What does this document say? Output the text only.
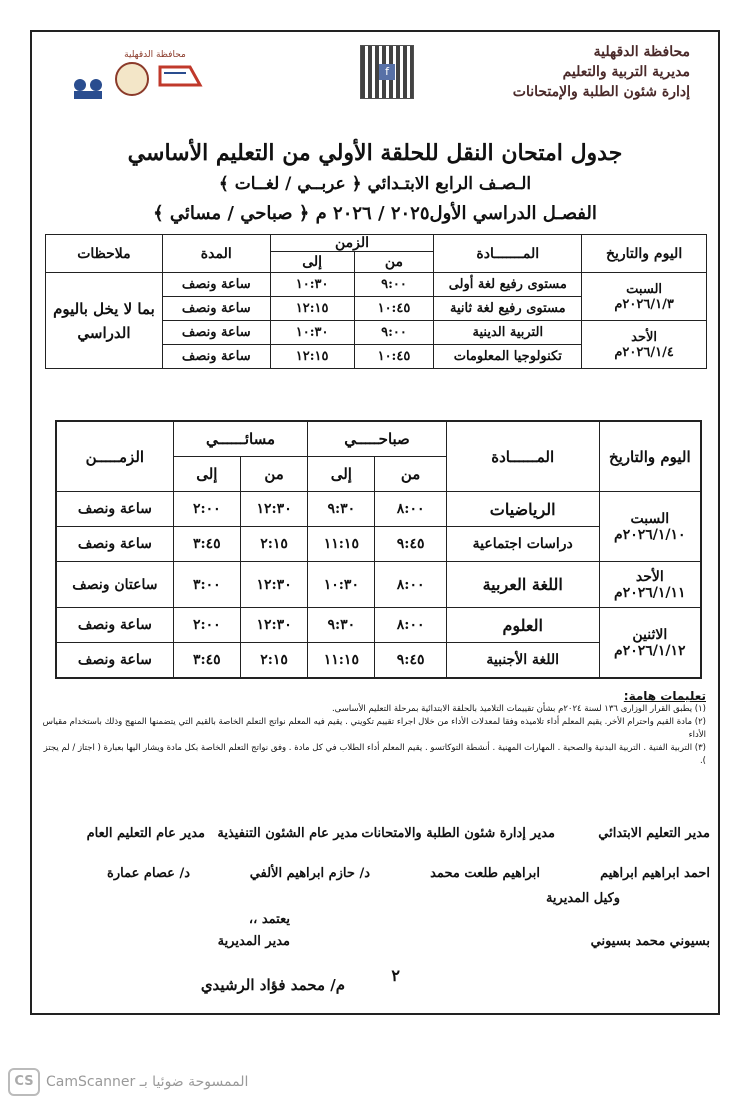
محافظة الدقهلية
مديرية التربية والتعليم
إدارة شئون الطلبة والإمتحانات
f
محافظة الدقهلية
جدول امتحان النقل للحلقة الأولي من التعليم الأساسي
الـصـف الرابع الابتـدائي ﴿ عربــي / لغــات ﴾
الفصـل الدراسي الأول٢٠٢٥ / ٢٠٢٦ م ﴿ صباحي / مسائي ﴾
اليوم والتاريخ	المـــــــادة	الزمن		المدة	ملاحظات
		من	إلى		

السبت
٢٠٢٦/١/٣م	مستوى رفيع لغة أولى	٩:٠٠	١٠:٣٠	ساعة ونصف	بما لا يخل باليوم الدراسي
	مستوى رفيع لغة ثانية	١٠:٤٥	١٢:١٥	ساعة ونصف	

الأحد
٢٠٢٦/١/٤م	التربية الدينية	٩:٠٠	١٠:٣٠	ساعة ونصف	
	تكنولوجيا المعلومات	١٠:٤٥	١٢:١٥	ساعة ونصف	
اليوم والتاريخ	المــــــادة	صباحـــــي		مسائــــــي		الزمـــــن
		من	إلى	من	إلى	

السبت
٢٠٢٦/١/١٠م	الرياضيات	٨:٠٠	٩:٣٠	١٢:٣٠	٢:٠٠	ساعة ونصف
	دراسات اجتماعية	٩:٤٥	١١:١٥	٢:١٥	٣:٤٥	ساعة ونصف

الأحد
٢٠٢٦/١/١١م	اللغة العربية	٨:٠٠	١٠:٣٠	١٢:٣٠	٣:٠٠	ساعتان ونصف

الاثنين
٢٠٢٦/١/١٢م	العلوم	٨:٠٠	٩:٣٠	١٢:٣٠	٢:٠٠	ساعة ونصف
	اللغة الأجنبية	٩:٤٥	١١:١٥	٢:١٥	٣:٤٥	ساعة ونصف
تعليمات هامة:
(١) يطبق القرار الوزارى ١٣٦ لسنة ٢٠٢٤م بشأن تقييمات التلاميذ بالحلقة الابتدائية بمرحلة التعليم الأساسى.
(٢) مادة القيم واحترام الأخر. يقيم المعلم أداء تلاميذه وفقا لمعدلات الأداء من خلال اجراء تقييم تكويني . يقيم فيه المعلم نواتج التعلم الخاصة بالقيم التي يتضمنها المنهج وذلك باستخدام مقياس الأداء
(٣) التربية الفنية . التربية البدنية والصحية . المهارات المهنية . أنشطة التوكاتسو . يقيم المعلم أداء الطلاب في كل مادة . وفق نواتج التعلم الخاصة بكل مادة ويشار اليها بعبارة ( اجتاز / لم يجتز ).
مدير التعليم الابتدائي
مدير إدارة شئون الطلبة والامتحانات
مدير عام الشئون التنفيذية
مدير عام التعليم العام
احمد ابراهيم ابراهيم
ابراهيم طلعت محمد
د/ حازم ابراهيم الألفي
د/ عصام عمارة
وكيل المديرية
يعتمد ،،
بسيوني محمد بسيوني
مدير المديرية
٢
م/ محمد فؤاد الرشيدي
CS الممسوحة ضوئيا بـ CamScanner
